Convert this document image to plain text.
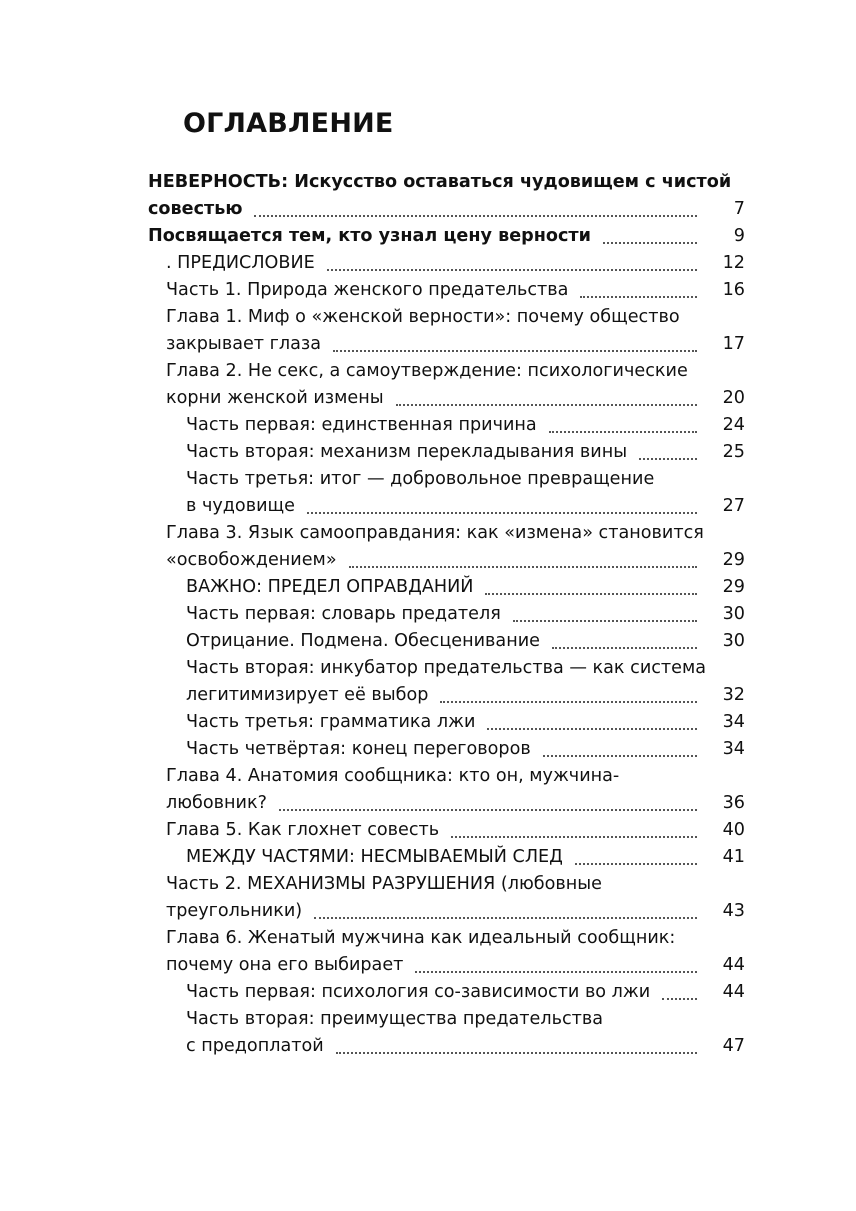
ОГЛАВЛЕНИЕ
НЕВЕРНОСТЬ: Искусство оставаться чудовищем с чистой
совестью	7
Посвящается тем, кто узнал цену верности	9
. ПРЕДИСЛОВИЕ	12
Часть 1. Природа женского предательства	16
Глава 1. Миф о «женской верности»: почему общество
закрывает глаза	17
Глава 2. Не секс, а самоутверждение: психологические
корни женской измены	20
Часть первая: единственная причина	24
Часть вторая: механизм перекладывания вины	25
Часть третья: итог — добровольное превращение
в чудовище	27
Глава 3. Язык самооправдания: как «измена» становится
«освобождением»	29
ВАЖНО: ПРЕДЕЛ ОПРАВДАНИЙ	29
Часть первая: словарь предателя	30
Отрицание. Подмена. Обесценивание	30
Часть вторая: инкубатор предательства — как система
легитимизирует её выбор	32
Часть третья: грамматика лжи	34
Часть четвёртая: конец переговоров	34
Глава 4. Анатомия сообщника: кто он, мужчина-
любовник?	36
Глава 5. Как глохнет совесть	40
МЕЖДУ ЧАСТЯМИ: НЕСМЫВАЕМЫЙ СЛЕД	41
Часть 2. МЕХАНИЗМЫ РАЗРУШЕНИЯ (любовные
треугольники)	43
Глава 6. Женатый мужчина как идеальный сообщник:
почему она его выбирает	44
Часть первая: психология со-зависимости во лжи	44
Часть вторая: преимущества предательства
с предоплатой	47
